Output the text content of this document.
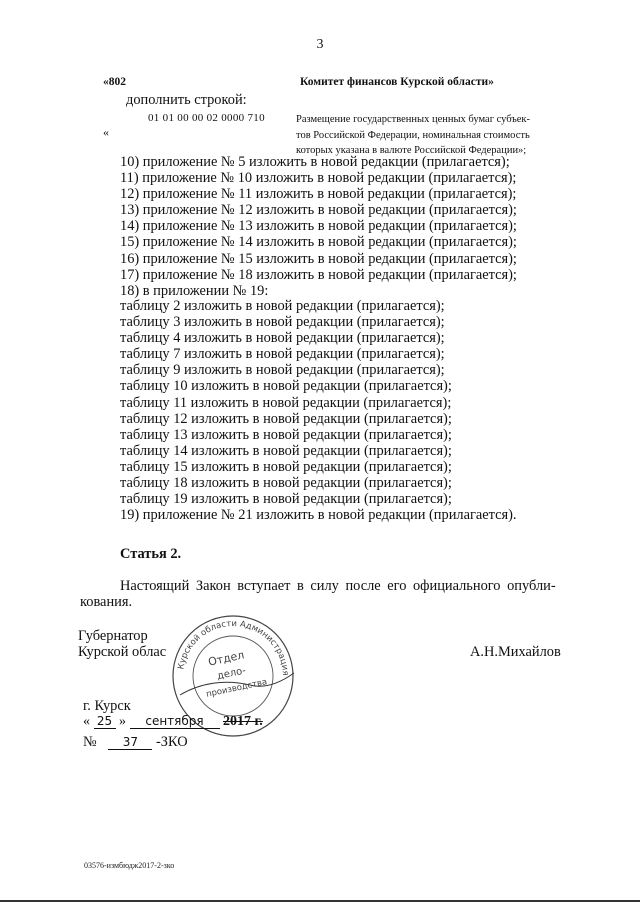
3
«802	Комитет финансов Курской области»
дополнить строкой:
01 01 00 00 02 0000 710
«
Размещение государственных ценных бумаг субъек-
тов Российской Федерации, номинальная стоимость
которых указана в валюте Российской Федерации»;
10) приложение № 5 изложить в новой редакции (прилагается);
11) приложение № 10 изложить в новой редакции (прилагается);
12) приложение № 11 изложить в новой редакции (прилагается);
13) приложение № 12 изложить в новой редакции (прилагается);
14) приложение № 13 изложить в новой редакции (прилагается);
15) приложение № 14 изложить в новой редакции (прилагается);
16) приложение № 15 изложить в новой редакции (прилагается);
17) приложение № 18 изложить в новой редакции (прилагается);
18) в приложении № 19:
таблицу 2 изложить в новой редакции (прилагается);
таблицу 3 изложить в новой редакции (прилагается);
таблицу 4 изложить в новой редакции (прилагается);
таблицу 7 изложить в новой редакции (прилагается);
таблицу 9 изложить в новой редакции (прилагается);
таблицу 10 изложить в новой редакции (прилагается);
таблицу 11 изложить в новой редакции (прилагается);
таблицу 12 изложить в новой редакции (прилагается);
таблицу 13 изложить в новой редакции (прилагается);
таблицу 14 изложить в новой редакции (прилагается);
таблицу 15 изложить в новой редакции (прилагается);
таблицу 18 изложить в новой редакции (прилагается);
таблицу 19 изложить в новой редакции (прилагается);
19) приложение № 21 изложить в новой редакции (прилагается).
Статья 2.
Настоящий Закон вступает в силу после его официального опубли-
кования.
Губернатор
Курской облас	А.Н.Михайлов
Курской области Администрация
Отдел
дело-
производства
г. Курск
« 25 » сентября 2017 г.
№ 37 -ЗКО
03576-измбюдж2017-2-зко
